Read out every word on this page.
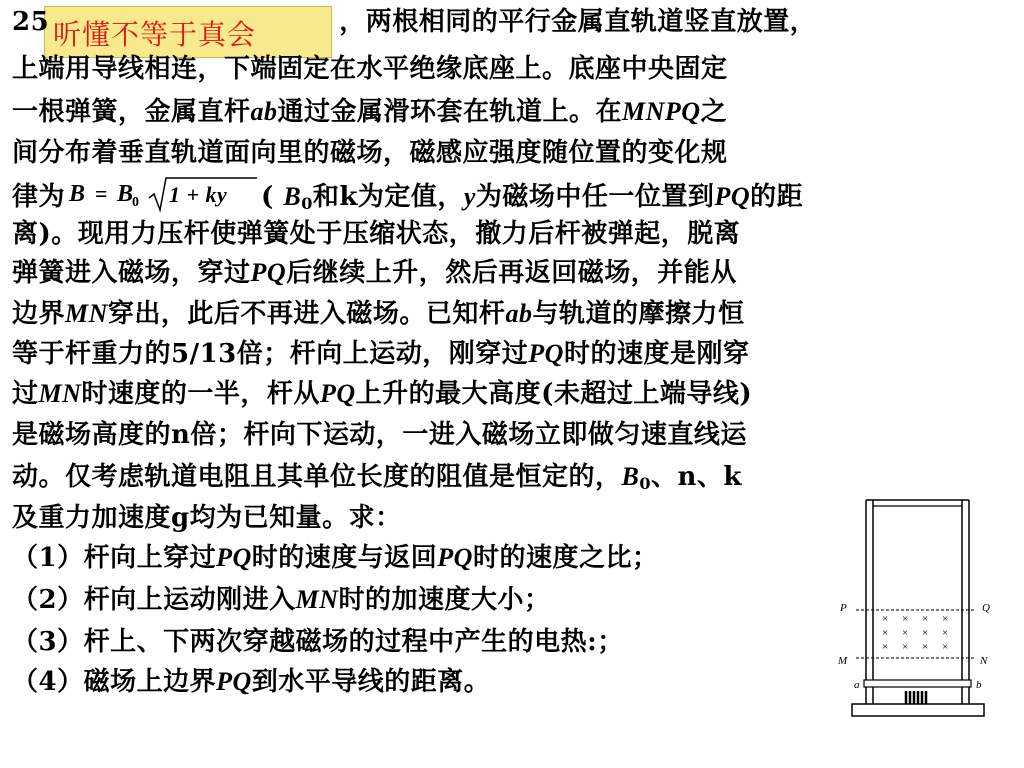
听懂不等于真会
25	，两根相同的平行金属直轨道竖直放置，
上端用导线相连，下端固定在水平绝缘底座上。底座中央固定
一根弹簧，金属直杆ab通过金属滑环套在轨道上。在MNPQ之
间分布着垂直轨道面向里的磁场，磁感应强度随位置的变化规
律为 B = B
0 1 + ky ( $B_0$和k为定值，y为磁场中任一位置到PQ的距
离)。现用力压杆使弹簧处于压缩状态，撤力后杆被弹起，脱离
弹簧进入磁场，穿过PQ后继续上升，然后再返回磁场，并能从
边界MN穿出，此后不再进入磁场。已知杆ab与轨道的摩擦力恒
等于杆重力的5/13倍；杆向上运动，刚穿过PQ时的速度是刚穿
过MN时速度的一半，杆从PQ上升的最大高度(未超过上端导线)
是磁场高度的n倍；杆向下运动，一进入磁场立即做匀速直线运
动。仅考虑轨道电阻且其单位长度的阻值是恒定的，$B_0$、n、k
及重力加速度g均为已知量。求：
（1）杆向上穿过PQ时的速度与返回PQ时的速度之比；
（2）杆向上运动刚进入MN时的加速度大小；
（3）杆上、下两次穿越磁场的过程中产生的电热:；
（4）磁场上边界PQ到水平导线的距离。
P	Q
M	N
× × × ×
× × × ×
× × × ×
a	b
